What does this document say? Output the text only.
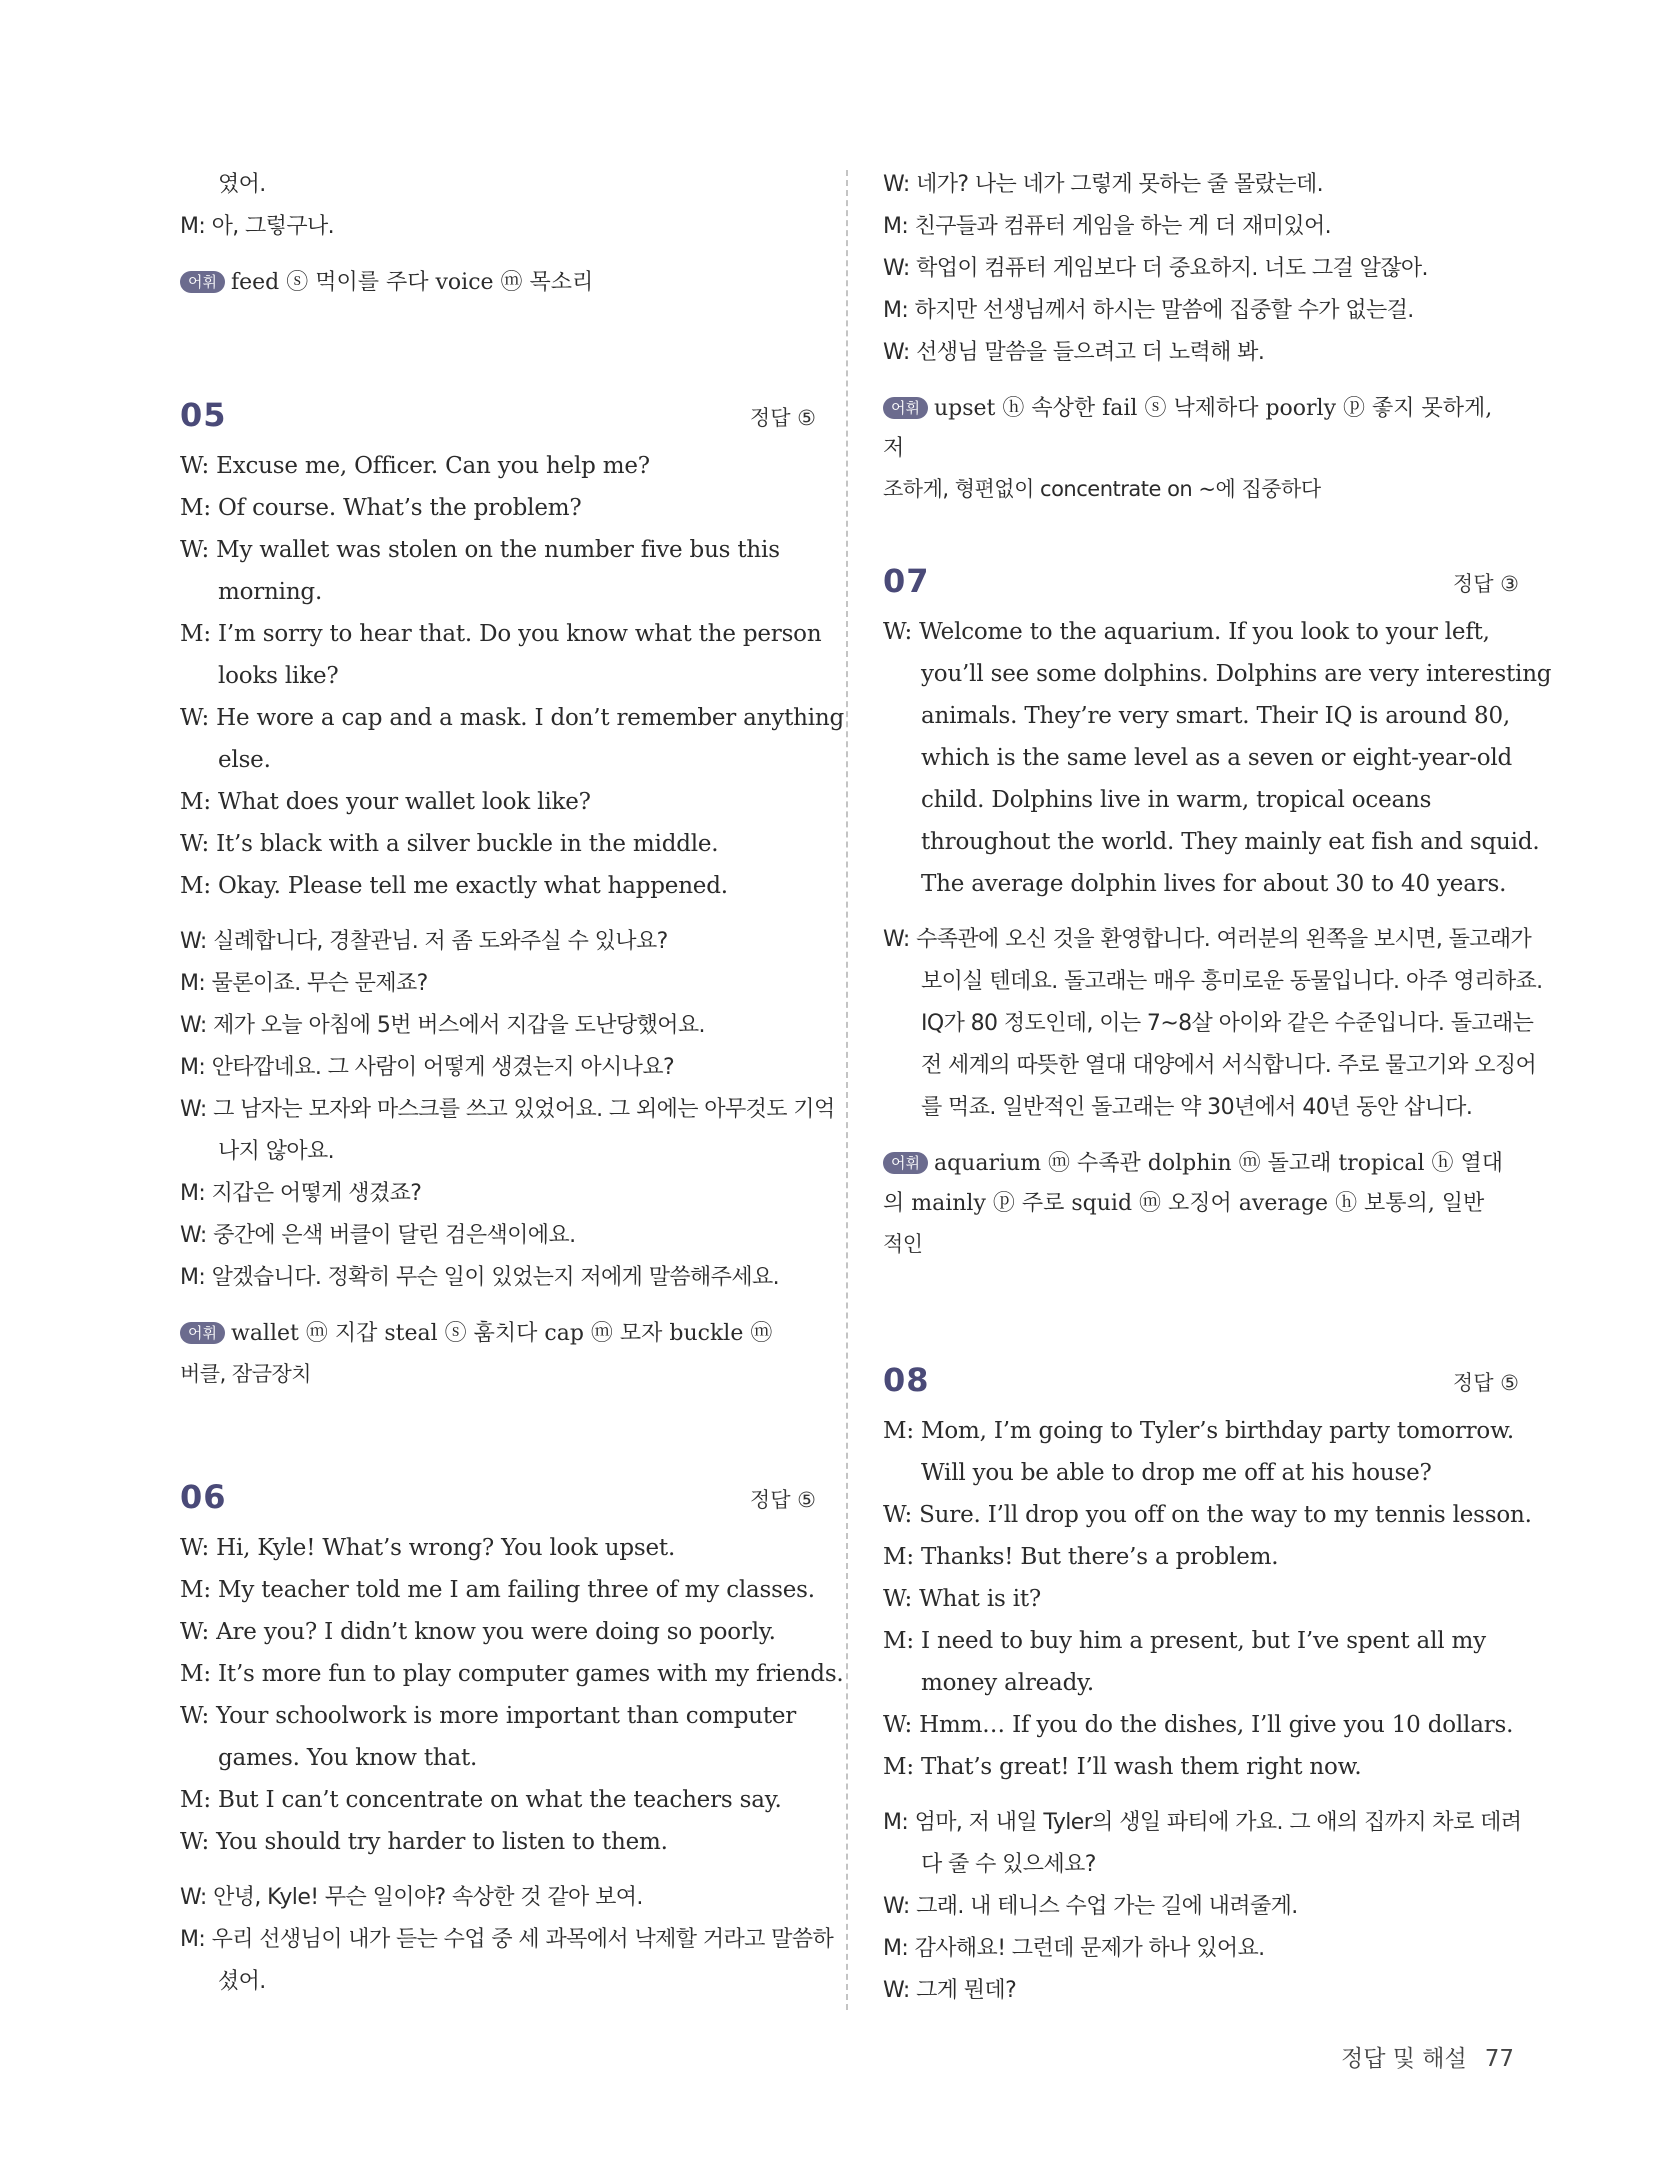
였어.
M: 아, 그렇구나.
어휘 feed ⓢ 먹이를 주다 voice ⓜ 목소리
05	정답 ⑤
W: Excuse me, Officer. Can you help me?
M: Of course. What’s the problem?
W: My wallet was stolen on the number five bus this
morning.
M: I’m sorry to hear that. Do you know what the person
looks like?
W: He wore a cap and a mask. I don’t remember anything
else.
M: What does your wallet look like?
W: It’s black with a silver buckle in the middle.
M: Okay. Please tell me exactly what happened.
W: 실례합니다, 경찰관님. 저 좀 도와주실 수 있나요?
M: 물론이죠. 무슨 문제죠?
W: 제가 오늘 아침에 5번 버스에서 지갑을 도난당했어요.
M: 안타깝네요. 그 사람이 어떻게 생겼는지 아시나요?
W: 그 남자는 모자와 마스크를 쓰고 있었어요. 그 외에는 아무것도 기억
나지 않아요.
M: 지갑은 어떻게 생겼죠?
W: 중간에 은색 버클이 달린 검은색이에요.
M: 알겠습니다. 정확히 무슨 일이 있었는지 저에게 말씀해주세요.
어휘 wallet ⓜ 지갑 steal ⓢ 훔치다 cap ⓜ 모자 buckle ⓜ
버클, 잠금장치
06	정답 ⑤
W: Hi, Kyle! What’s wrong? You look upset.
M: My teacher told me I am failing three of my classes.
W: Are you? I didn’t know you were doing so poorly.
M: It’s more fun to play computer games with my friends.
W: Your schoolwork is more important than computer
games. You know that.
M: But I can’t concentrate on what the teachers say.
W: You should try harder to listen to them.
W: 안녕, Kyle! 무슨 일이야? 속상한 것 같아 보여.
M: 우리 선생님이 내가 듣는 수업 중 세 과목에서 낙제할 거라고 말씀하
셨어.
W: 네가? 나는 네가 그렇게 못하는 줄 몰랐는데.
M: 친구들과 컴퓨터 게임을 하는 게 더 재미있어.
W: 학업이 컴퓨터 게임보다 더 중요하지. 너도 그걸 알잖아.
M: 하지만 선생님께서 하시는 말씀에 집중할 수가 없는걸.
W: 선생님 말씀을 들으려고 더 노력해 봐.
어휘 upset ⓗ 속상한 fail ⓢ 낙제하다 poorly ⓟ 좋지 못하게, 저
조하게, 형편없이 concentrate on ~에 집중하다
07	정답 ③
W: Welcome to the aquarium. If you look to your left,
you’ll see some dolphins. Dolphins are very interesting
animals. They’re very smart. Their IQ is around 80,
which is the same level as a seven or eight-year-old
child. Dolphins live in warm, tropical oceans
throughout the world. They mainly eat fish and squid.
The average dolphin lives for about 30 to 40 years.
W: 수족관에 오신 것을 환영합니다. 여러분의 왼쪽을 보시면, 돌고래가
보이실 텐데요. 돌고래는 매우 흥미로운 동물입니다. 아주 영리하죠.
IQ가 80 정도인데, 이는 7~8살 아이와 같은 수준입니다. 돌고래는
전 세계의 따뜻한 열대 대양에서 서식합니다. 주로 물고기와 오징어
를 먹죠. 일반적인 돌고래는 약 30년에서 40년 동안 삽니다.
어휘 aquarium ⓜ 수족관 dolphin ⓜ 돌고래 tropical ⓗ 열대
의 mainly ⓟ 주로 squid ⓜ 오징어 average ⓗ 보통의, 일반
적인
08	정답 ⑤
M: Mom, I’m going to Tyler’s birthday party tomorrow.
Will you be able to drop me off at his house?
W: Sure. I’ll drop you off on the way to my tennis lesson.
M: Thanks! But there’s a problem.
W: What is it?
M: I need to buy him a present, but I’ve spent all my
money already.
W: Hmm… If you do the dishes, I’ll give you 10 dollars.
M: That’s great! I’ll wash them right now.
M: 엄마, 저 내일 Tyler의 생일 파티에 가요. 그 애의 집까지 차로 데려
다 줄 수 있으세요?
W: 그래. 내 테니스 수업 가는 길에 내려줄게.
M: 감사해요! 그런데 문제가 하나 있어요.
W: 그게 뭔데?
정답 및 해설 77
